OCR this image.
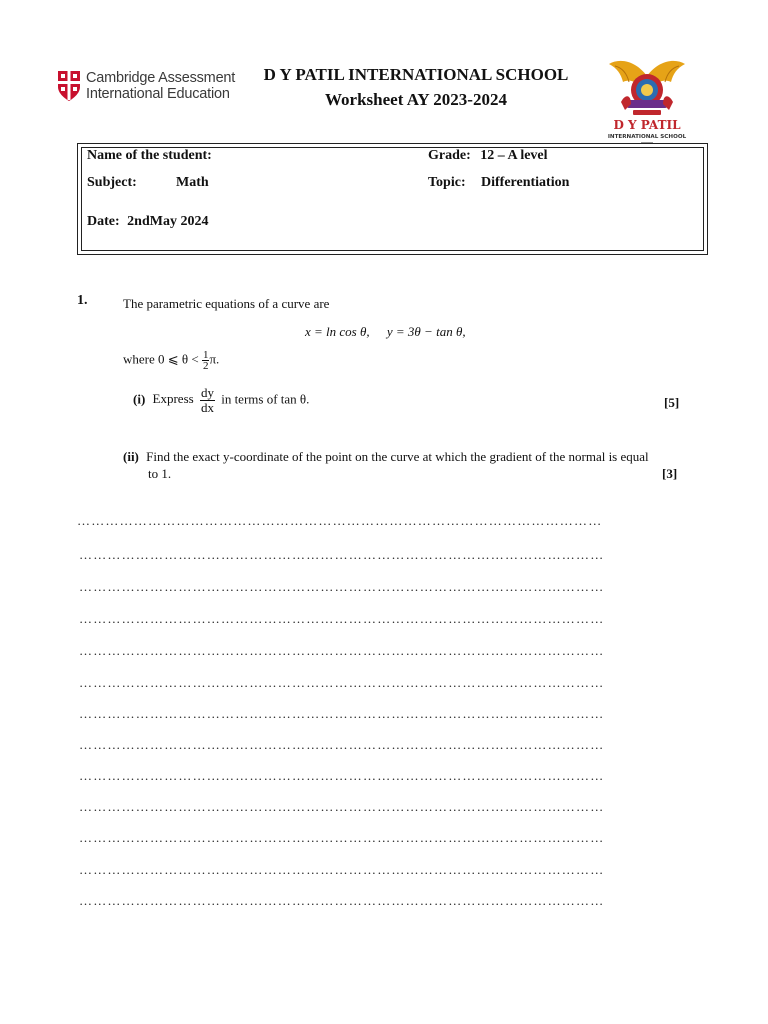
Cambridge Assessment
International Education
D Y PATIL INTERNATIONAL SCHOOL
Worksheet AY 2023-2024
D Y PATIL
INTERNATIONAL SCHOOL
Name of the student:	Grade: 12 – A level
Subject:	Math	Topic: Differentiation
Date: 2ndMay 2024
1.	The parametric equations of a curve are
x = ln cos θ, y = 3θ − tan θ,
where 0 ⩽ $\theta < \frac{1}{2} \pi$.
(i) Express $\frac{dy}{dx}$ in terms of tan θ.	[5]
(ii) Find the exact y-coordinate of the point on the curve at which the gradient of the normal is equal
to 1.	[3]
…………………………………………………………………………………………………
…………………………………………………………………………………………………
…………………………………………………………………………………………………
…………………………………………………………………………………………………
…………………………………………………………………………………………………
…………………………………………………………………………………………………
…………………………………………………………………………………………………
…………………………………………………………………………………………………
…………………………………………………………………………………………………
…………………………………………………………………………………………………
…………………………………………………………………………………………………
…………………………………………………………………………………………………
…………………………………………………………………………………………………
